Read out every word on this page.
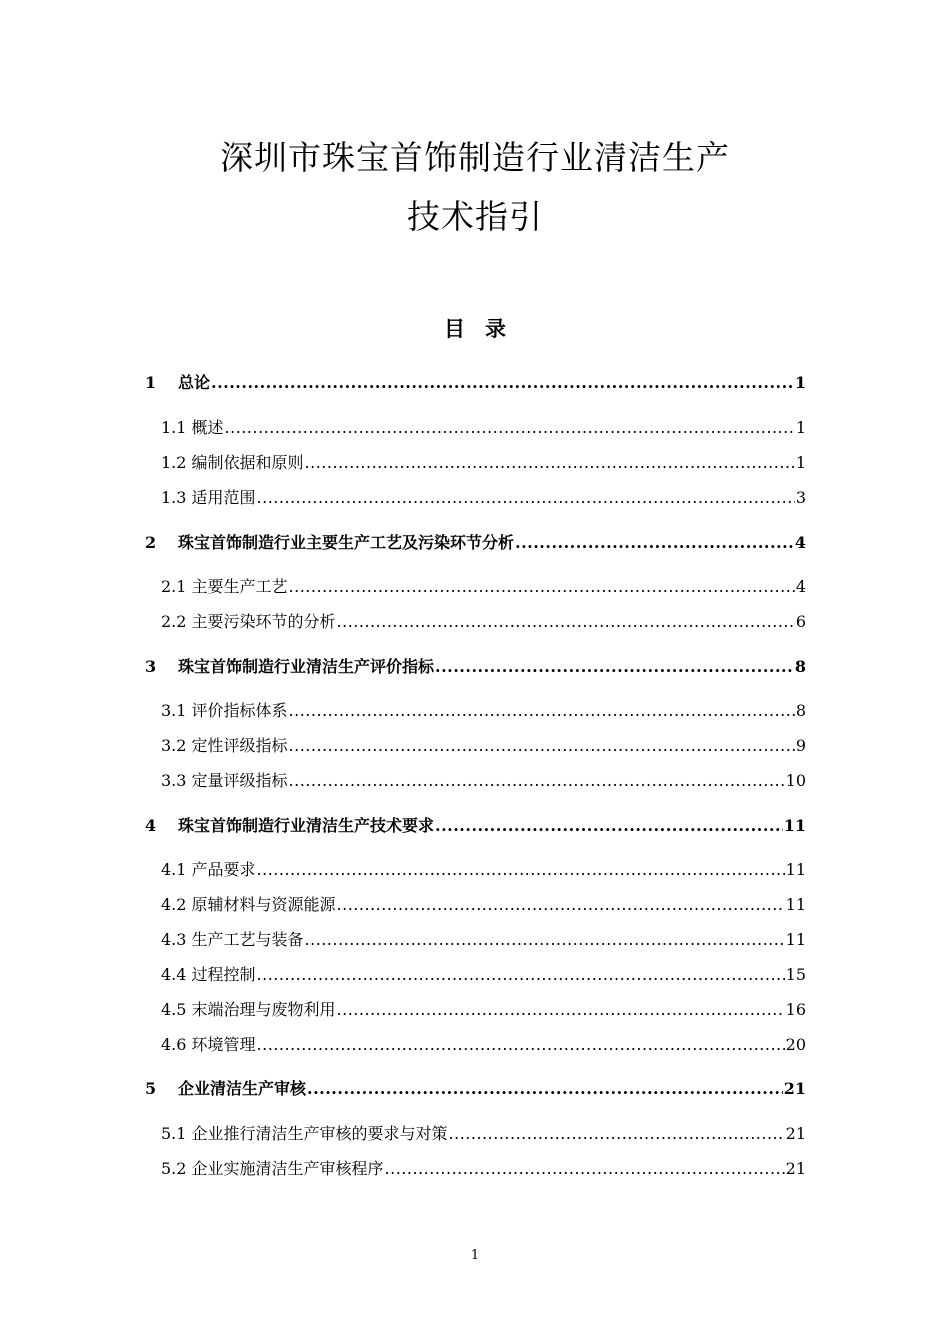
深圳市珠宝首饰制造行业清洁生产
技术指引
目录
1 总论 .....	1
1.1 概述 .....	1
1.2 编制依据和原则 .....	1
1.3 适用范围 .....	3
2 珠宝首饰制造行业主要生产工艺及污染环节分析 .....	4
2.1 主要生产工艺 .....	4
2.2 主要污染环节的分析 .....	6
3 珠宝首饰制造行业清洁生产评价指标 .....	8
3.1 评价指标体系 .....	8
3.2 定性评级指标 .....	9
3.3 定量评级指标 .....	10
4 珠宝首饰制造行业清洁生产技术要求 .....	11
4.1 产品要求 .....	11
4.2 原辅材料与资源能源 .....	11
4.3 生产工艺与装备 .....	11
4.4 过程控制 .....	15
4.5 末端治理与废物利用 .....	16
4.6 环境管理 .....	20
5 企业清洁生产审核 .....	21
5.1 企业推行清洁生产审核的要求与对策 .....	21
5.2 企业实施清洁生产审核程序 .....	21
1
